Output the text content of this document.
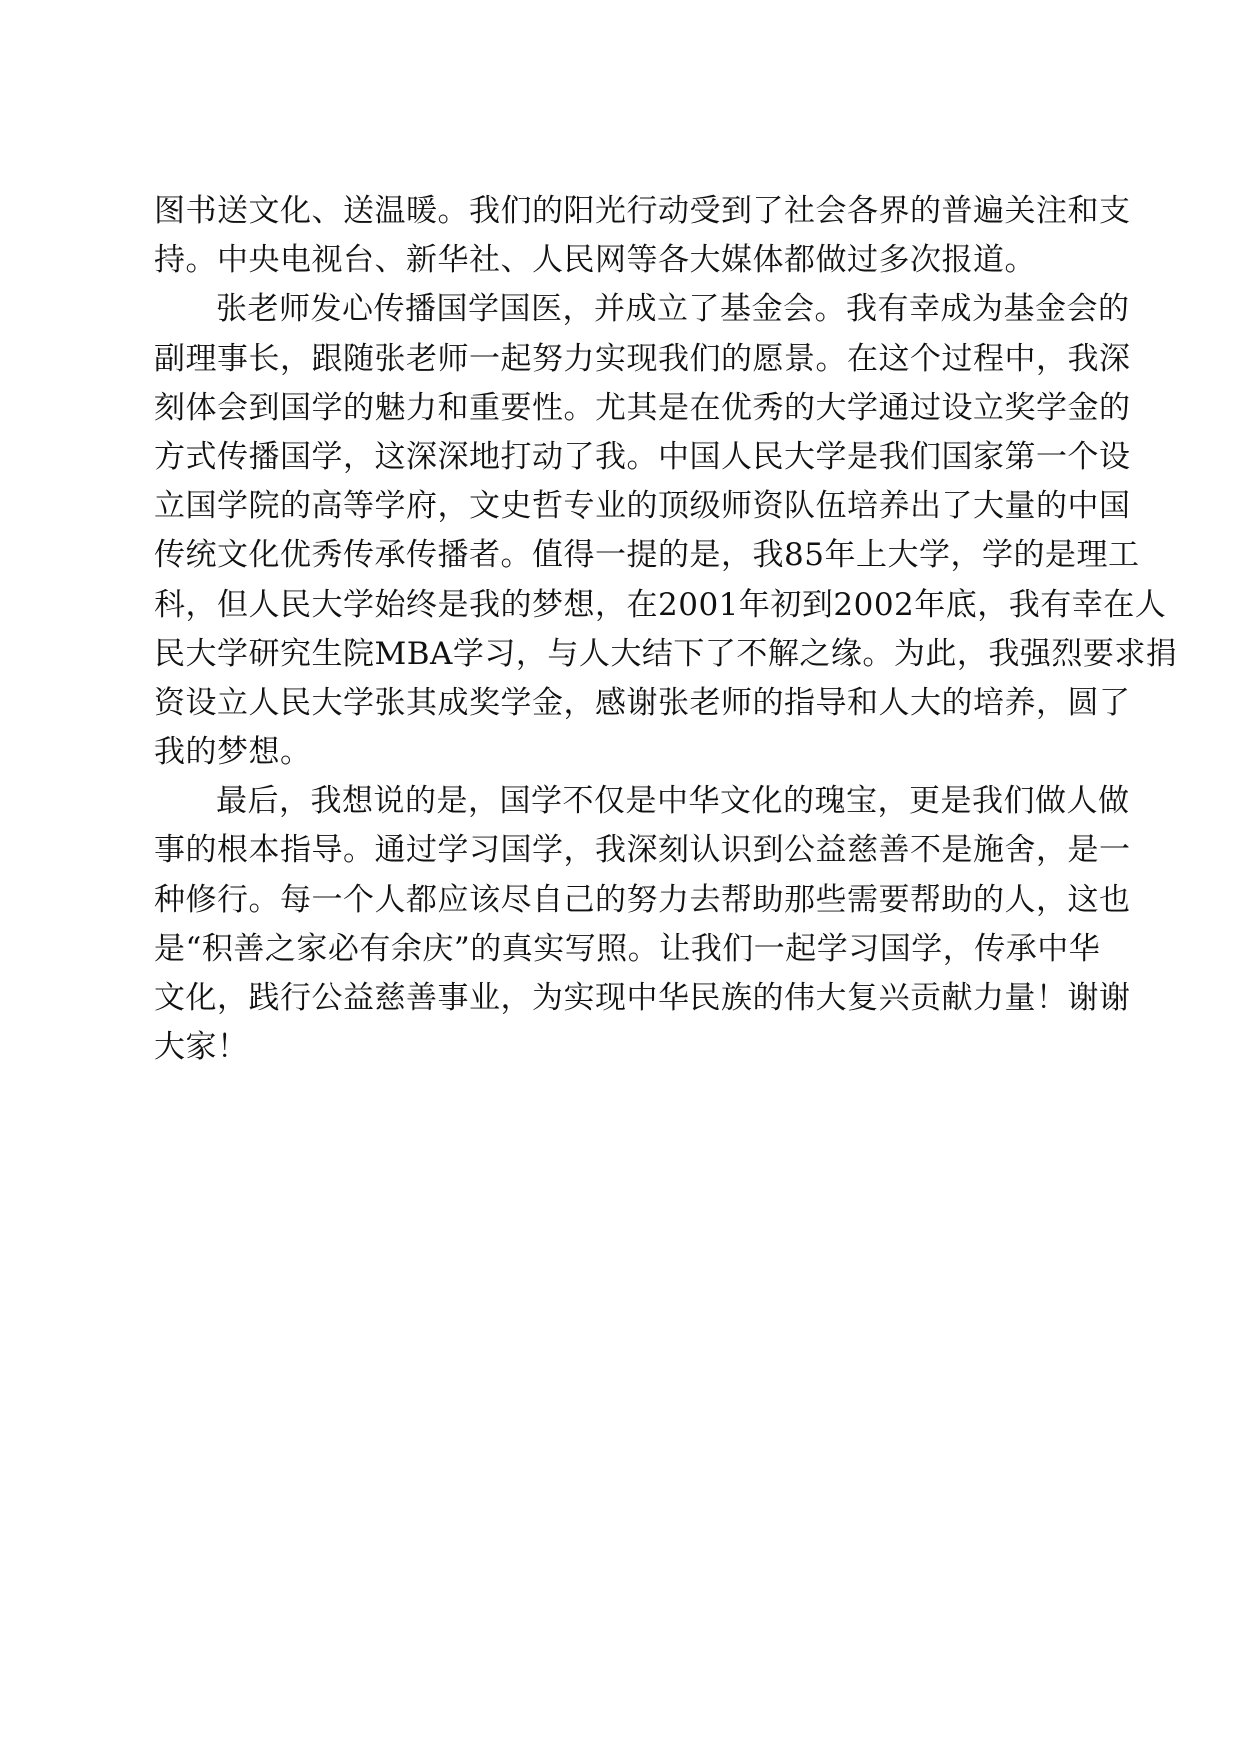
图书送文化、送温暖。我们的阳光行动受到了社会各界的普遍关注和支
持。中央电视台、新华社、人民网等各大媒体都做过多次报道。

张老师发心传播国学国医，并成立了基金会。我有幸成为基金会的
副理事长，跟随张老师一起努力实现我们的愿景。在这个过程中，我深
刻体会到国学的魅力和重要性。尤其是在优秀的大学通过设立奖学金的
方式传播国学，这深深地打动了我。中国人民大学是我们国家第一个设
立国学院的高等学府，文史哲专业的顶级师资队伍培养出了大量的中国
传统文化优秀传承传播者。值得一提的是，我85年上大学，学的是理工
科，但人民大学始终是我的梦想，在2001年初到2002年底，我有幸在人
民大学研究生院MBA学习，与人大结下了不解之缘。为此，我强烈要求捐
资设立人民大学张其成奖学金，感谢张老师的指导和人大的培养，圆了
我的梦想。

最后，我想说的是，国学不仅是中华文化的瑰宝，更是我们做人做
事的根本指导。通过学习国学，我深刻认识到公益慈善不是施舍，是一
种修行。每一个人都应该尽自己的努力去帮助那些需要帮助的人，这也
是“积善之家必有余庆”的真实写照。让我们一起学习国学，传承中华
文化，践行公益慈善事业，为实现中华民族的伟大复兴贡献力量！谢谢
大家！
